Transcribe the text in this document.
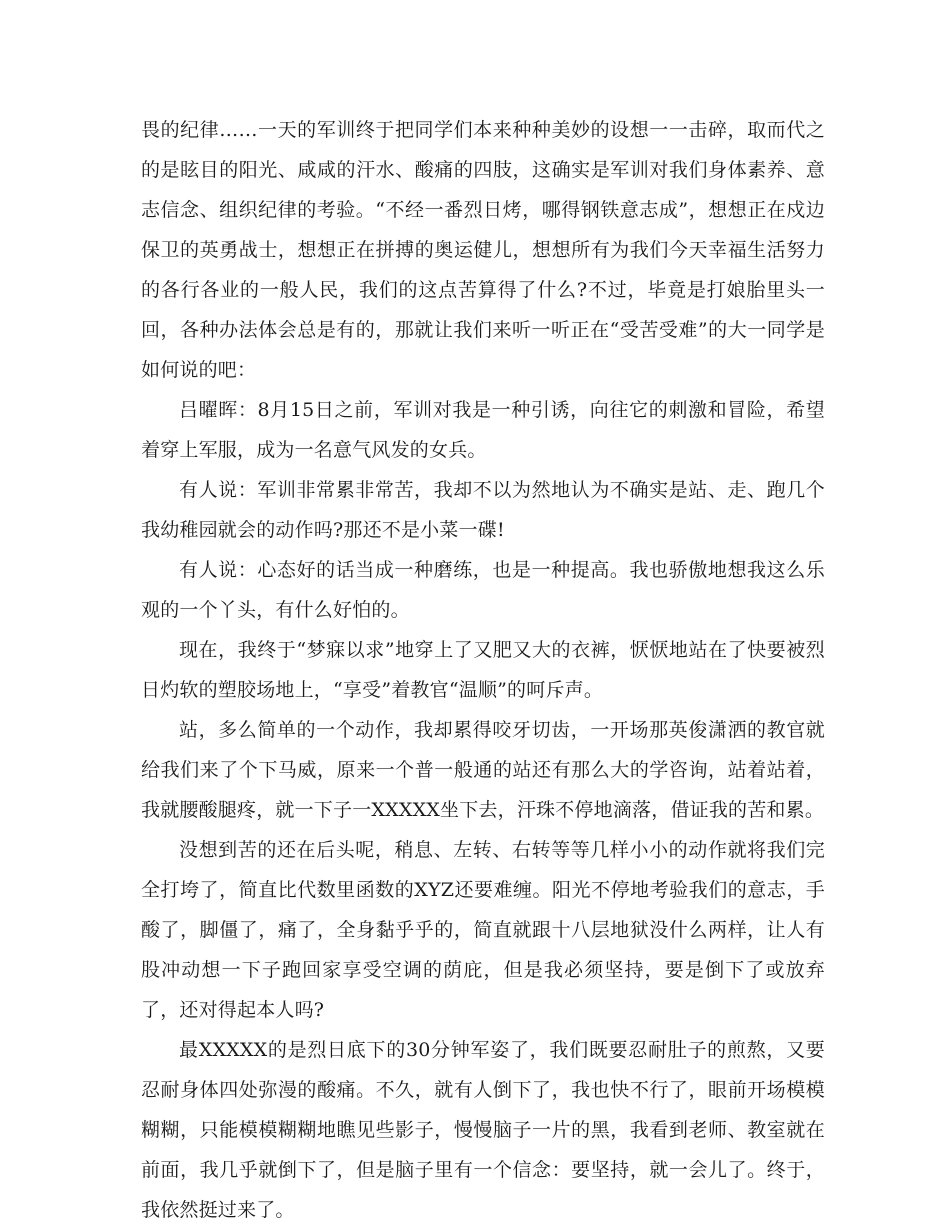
畏的纪律……一天的军训终于把同学们本来种种美妙的设想一一击碎，取而代之的是眩目的阳光、咸咸的汗水、酸痛的四肢，这确实是军训对我们身体素养、意志信念、组织纪律的考验。“不经一番烈日烤，哪得钢铁意志成”，想想正在戍边保卫的英勇战士，想想正在拼搏的奥运健儿，想想所有为我们今天幸福生活努力的各行各业的一般人民，我们的这点苦算得了什么?不过，毕竟是打娘胎里头一回，各种办法体会总是有的，那就让我们来听一听正在“受苦受难”的大一同学是如何说的吧：

吕曜晖：8月15日之前，军训对我是一种引诱，向往它的刺激和冒险，希望着穿上军服，成为一名意气风发的女兵。

有人说：军训非常累非常苦，我却不以为然地认为不确实是站、走、跑几个我幼稚园就会的动作吗?那还不是小菜一碟!

有人说：心态好的话当成一种磨练，也是一种提高。我也骄傲地想我这么乐观的一个丫头，有什么好怕的。

现在，我终于“梦寐以求”地穿上了又肥又大的衣裤，恹恹地站在了快要被烈日灼软的塑胶场地上，“享受”着教官“温顺”的呵斥声。

站，多么简单的一个动作，我却累得咬牙切齿，一开场那英俊潇洒的教官就给我们来了个下马威，原来一个普一般通的站还有那么大的学咨询，站着站着，我就腰酸腿疼，就一下子一XXXXX坐下去，汗珠不停地滴落，借证我的苦和累。

没想到苦的还在后头呢，稍息、左转、右转等等几样小小的动作就将我们完全打垮了，简直比代数里函数的XYZ还要难缠。阳光不停地考验我们的意志，手酸了，脚僵了，痛了，全身黏乎乎的，简直就跟十八层地狱没什么两样，让人有股冲动想一下子跑回家享受空调的荫庇，但是我必须坚持，要是倒下了或放弃了，还对得起本人吗?

最XXXXX的是烈日底下的30分钟军姿了，我们既要忍耐肚子的煎熬，又要忍耐身体四处弥漫的酸痛。不久，就有人倒下了，我也快不行了，眼前开场模模糊糊，只能模模糊糊地瞧见些影子，慢慢脑子一片的黑，我看到老师、教室就在前面，我几乎就倒下了，但是脑子里有一个信念：要坚持，就一会儿了。终于，我依然挺过来了。
